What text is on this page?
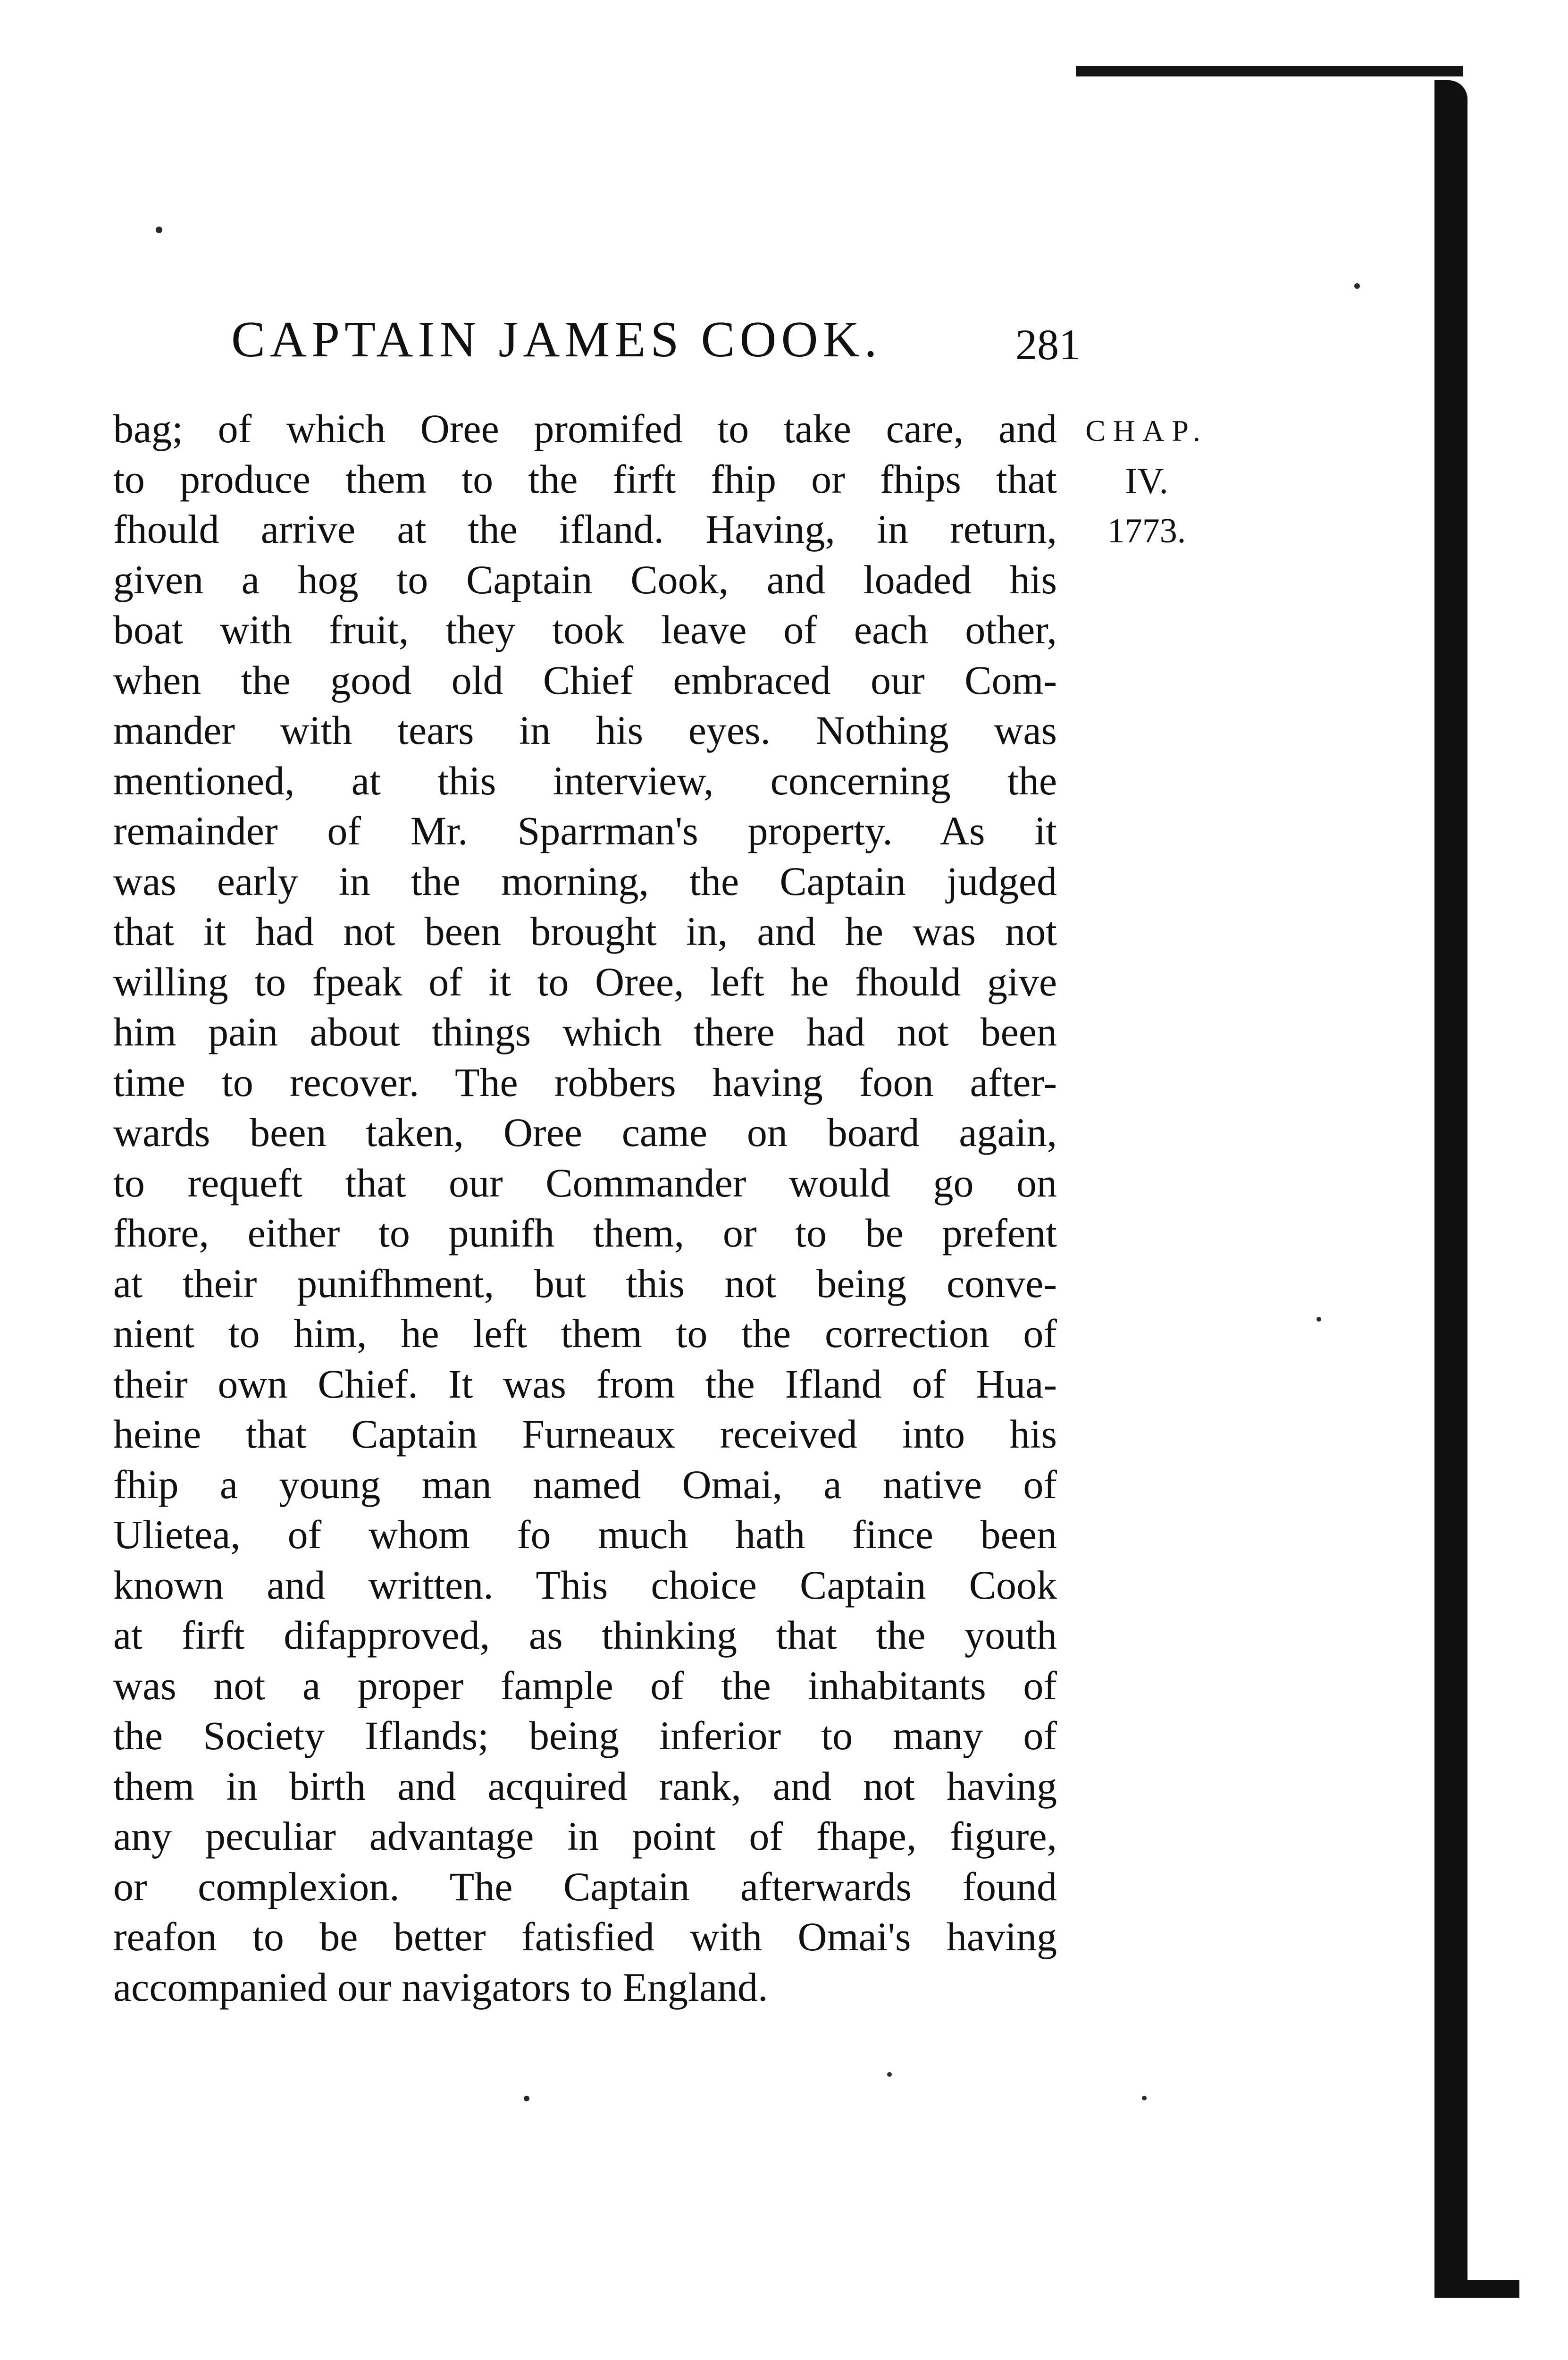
CAPTAIN JAMES COOK.	281
CHAP.
IV.
1773.
bag; of which Oree promifed to take care, and
to produce them to the firft fhip or fhips that
fhould arrive at the ifland. Having, in return,
given a hog to Captain Cook, and loaded his
boat with fruit, they took leave of each other,
when the good old Chief embraced our Com-
mander with tears in his eyes. Nothing was
mentioned, at this interview, concerning the
remainder of Mr. Sparrman's property. As it
was early in the morning, the Captain judged
that it had not been brought in, and he was not
willing to fpeak of it to Oree, left he fhould give
him pain about things which there had not been
time to recover. The robbers having foon after-
wards been taken, Oree came on board again,
to requeft that our Commander would go on
fhore, either to punifh them, or to be prefent
at their punifhment, but this not being conve-
nient to him, he left them to the correction of
their own Chief. It was from the Ifland of Hua-
heine that Captain Furneaux received into his
fhip a young man named Omai, a native of
Ulietea, of whom fo much hath fince been
known and written. This choice Captain Cook
at firft difapproved, as thinking that the youth
was not a proper fample of the inhabitants of
the Society Iflands; being inferior to many of
them in birth and acquired rank, and not having
any peculiar advantage in point of fhape, figure,
or complexion. The Captain afterwards found
reafon to be better fatisfied with Omai's having
accompanied our navigators to England.
